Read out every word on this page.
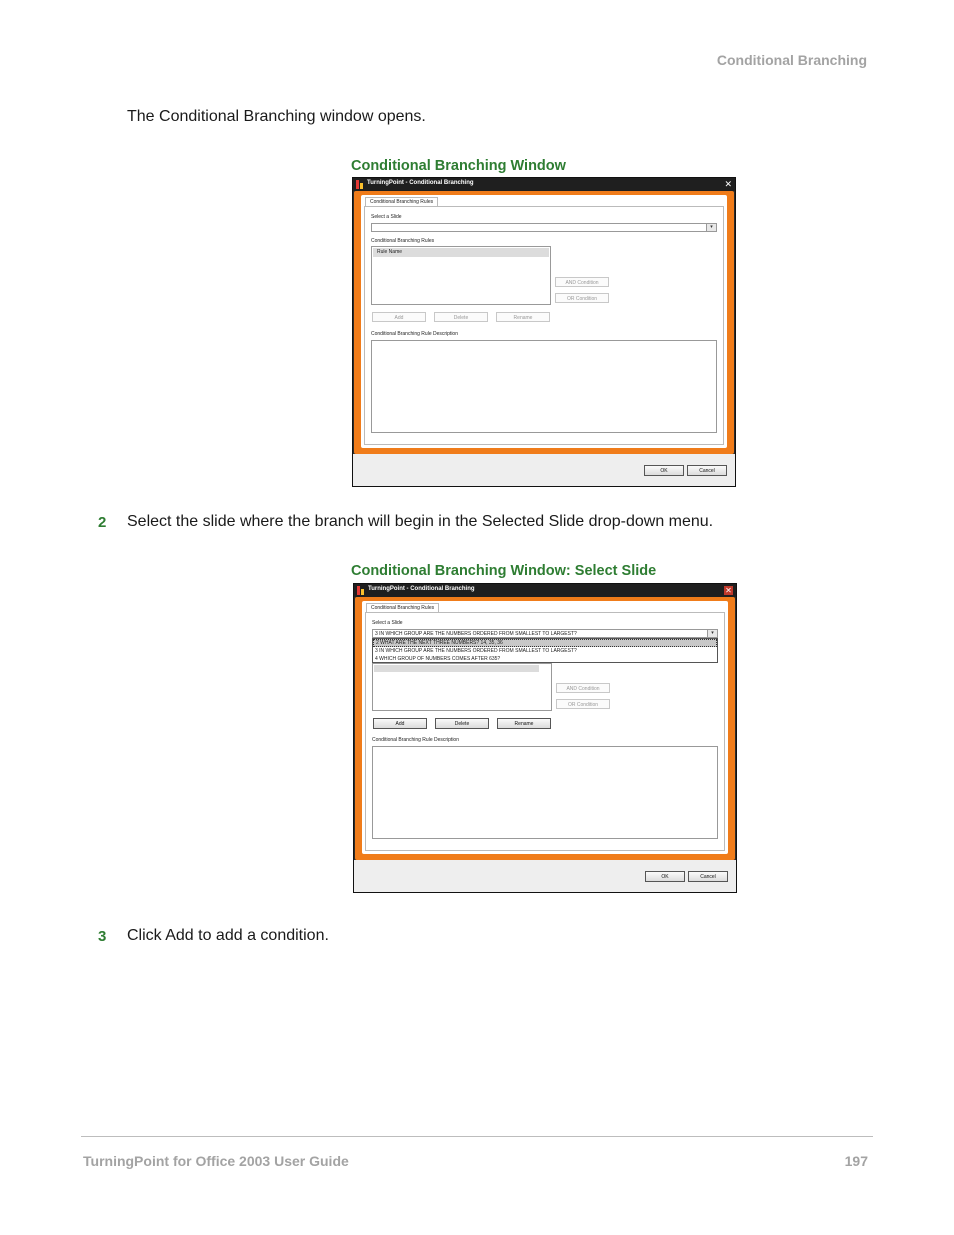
Conditional Branching
The Conditional Branching window opens.
Conditional Branching Window
TurningPoint - Conditional Branching	✕
Conditional Branching Rules
Select a Slide
▾
Conditional Branching Rules
Rule Name
AND Condition
OR Condition
Add	Delete	Rename
Conditional Branching Rule Description
OK	Cancel
2 Select the slide where the branch will begin in the Selected Slide drop-down menu.
Conditional Branching Window: Select Slide
TurningPoint - Conditional Branching	✕
Conditional Branching Rules
Select a Slide
3 IN WHICH GROUP ARE THE NUMBERS ORDERED FROM SMALLEST TO LARGEST?	▾
2 WHAT ARE THE NEXT THREE NUMBERS? 14, 35, 36
3 IN WHICH GROUP ARE THE NUMBERS ORDERED FROM SMALLEST TO LARGEST?
4 WHICH GROUP OF NUMBERS COMES AFTER 635?
AND Condition
OR Condition
Add	Delete	Rename
Conditional Branching Rule Description
OK	Cancel
3 Click Add to add a condition.
TurningPoint for Office 2003 User Guide	197
